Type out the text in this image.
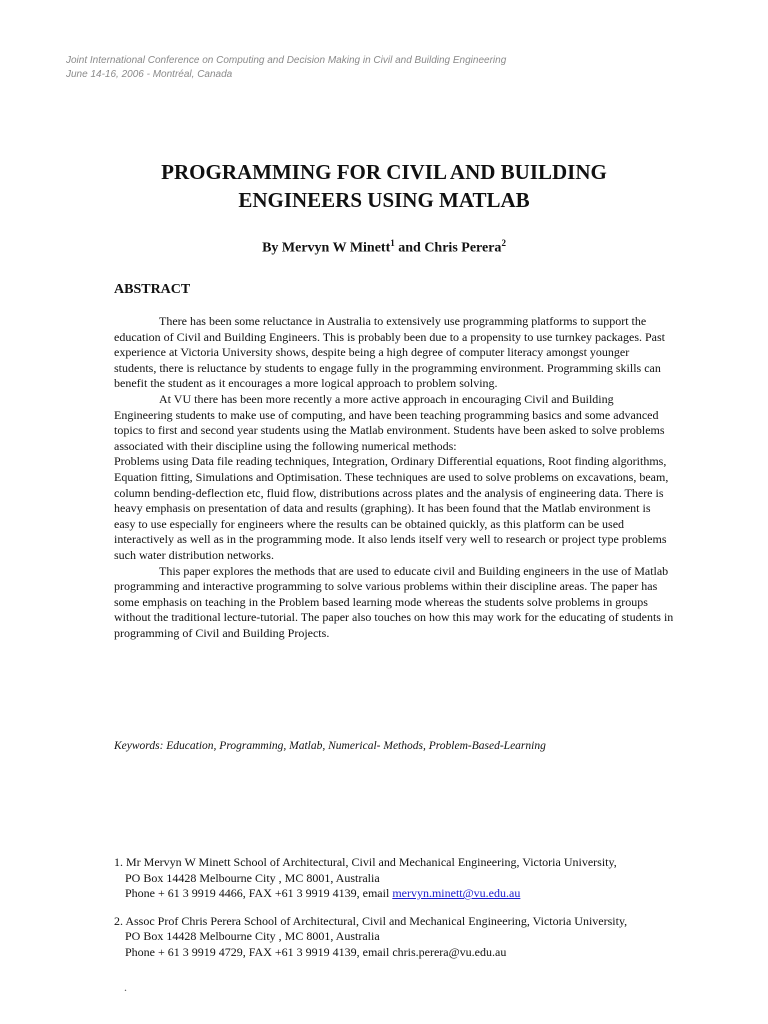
Joint International Conference on Computing and Decision Making in Civil and Building Engineering
June 14-16, 2006 - Montréal, Canada
PROGRAMMING FOR CIVIL AND BUILDING
ENGINEERS USING MATLAB
By Mervyn W Minett$^1$ and Chris Perera$^2$
ABSTRACT

There has been some reluctance in Australia to extensively use programming platforms to support the education of Civil and Building Engineers. This is probably been due to a propensity to use turnkey packages. Past experience at Victoria University shows, despite being a high degree of computer literacy amongst younger students, there is reluctance by students to engage fully in the programming environment. Programming skills can benefit the student as it encourages a more logical approach to problem solving.

At VU there has been more recently a more active approach in encouraging Civil and Building Engineering students to make use of computing, and have been teaching programming basics and some advanced topics to first and second year students using the Matlab environment. Students have been asked to solve problems associated with their discipline using the following numerical methods:

Problems using Data file reading techniques, Integration, Ordinary Differential equations, Root finding algorithms, Equation fitting, Simulations and Optimisation. These techniques are used to solve problems on excavations, beam, column bending-deflection etc, fluid flow, distributions across plates and the analysis of engineering data. There is heavy emphasis on presentation of data and results (graphing). It has been found that the Matlab environment is easy to use especially for engineers where the results can be obtained quickly, as this platform can be used interactively as well as in the programming mode. It also lends itself very well to research or project type problems such water distribution networks.

This paper explores the methods that are used to educate civil and Building engineers in the use of Matlab programming and interactive programming to solve various problems within their discipline areas. The paper has some emphasis on teaching in the Problem based learning mode whereas the students solve problems in groups without the traditional lecture-tutorial. The paper also touches on how this may work for the educating of students in programming of Civil and Building Projects.

Keywords: Education, Programming, Matlab, Numerical- Methods, Problem-Based-Learning
1. Mr Mervyn W Minett School of Architectural, Civil and Mechanical Engineering, Victoria University,
PO Box 14428 Melbourne City , MC 8001, Australia
Phone + 61 3 9919 4466, FAX +61 3 9919 4139, email mervyn.minett@vu.edu.au
2. Assoc Prof Chris Perera School of Architectural, Civil and Mechanical Engineering, Victoria University,
PO Box 14428 Melbourne City , MC 8001, Australia
Phone + 61 3 9919 4729, FAX +61 3 9919 4139, email chris.perera@vu.edu.au
.
